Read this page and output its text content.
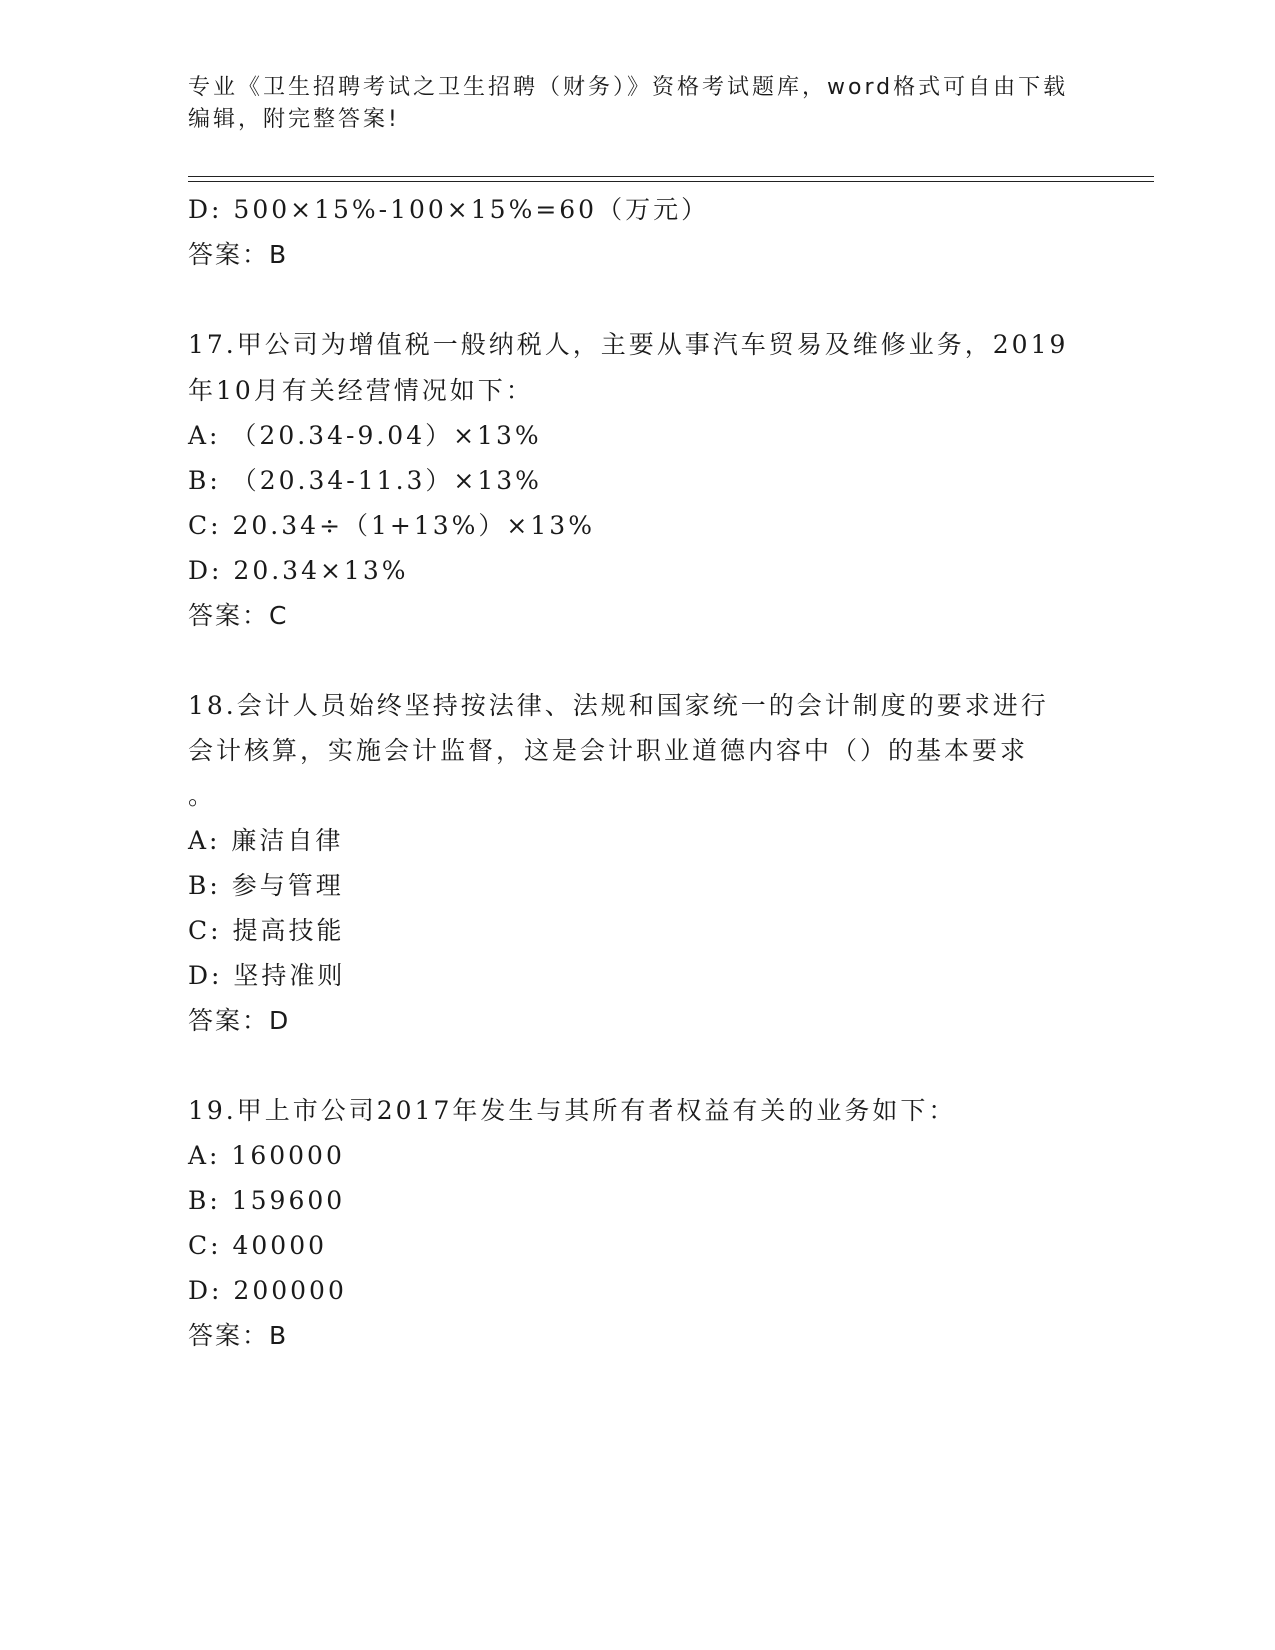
专业《卫生招聘考试之卫生招聘（财务）》资格考试题库，word格式可自由下载
编辑，附完整答案!
D: 500×15%-100×15%=60（万元）
答案：B
17.甲公司为增值税一般纳税人，主要从事汽车贸易及维修业务，2019
年10月有关经营情况如下：
A: （20.34-9.04）×13%
B: （20.34-11.3）×13%
C: 20.34÷（1+13%）×13%
D: 20.34×13%
答案：C
18.会计人员始终坚持按法律、法规和国家统一的会计制度的要求进行
会计核算，实施会计监督，这是会计职业道德内容中（）的基本要求
。
A: 廉洁自律
B: 参与管理
C: 提高技能
D: 坚持准则
答案：D
19.甲上市公司2017年发生与其所有者权益有关的业务如下：
A: 160000
B: 159600
C: 40000
D: 200000
答案：B
